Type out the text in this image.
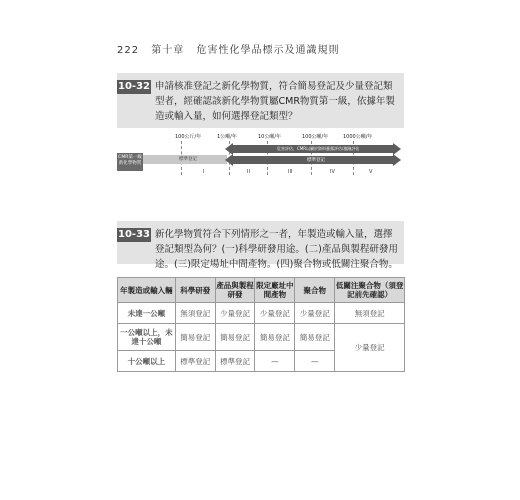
222 第十章 危害性化學品標示及通識規則
10-32 申請核准登記之新化學物質，符合簡易登記及少量登記類型者，經確認該新化學物質屬CMR物質第一級，依據年製造或輸入量，如何選擇登記類型？
100公斤/年	1公噸/年	10公噸/年	100公噸/年	1000公噸/年
CMR第一級新化學物質
標準登記
危害評估、CMR以屬於資料暴露評估/風險評估
標準登記
I	II	III	IV	V
10-33 新化學物質符合下列情形之一者，年製造或輸入量，選擇登記類型為何？(一)科學研發用途。(二)產品與製程研發用途。(三)限定場址中間產物。(四)聚合物或低關注聚合物。
年製造或輸入輛	科學研發	產品與製程研發	限定廠址中間產物	聚合物	低關注聚合物（須登記前先確認）
未達一公噸	無須登記	少量登記	少量登記	少量登記	無須登記
一公噸以上，未達十公噸	簡易登記	簡易登記	簡易登記	簡易登記	少量登記
十公噸以上	標準登記	標準登記	—	—	
